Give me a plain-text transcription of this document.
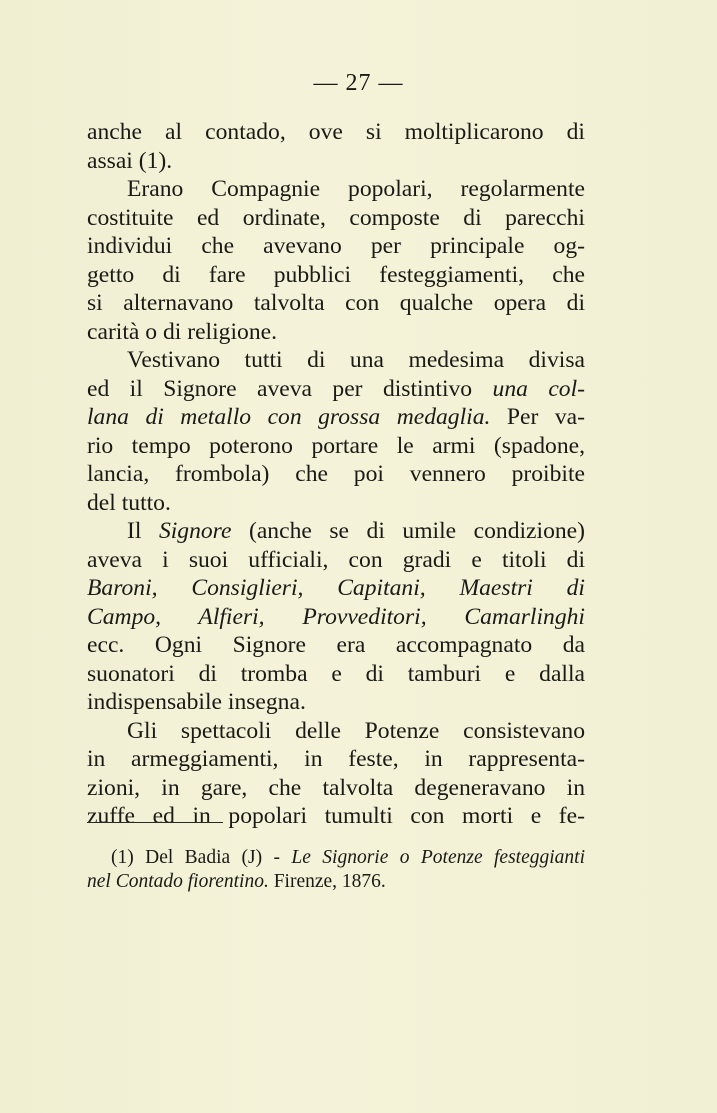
— 27 —
anche al contado, ove si moltiplicarono di
assai (1).
Erano Compagnie popolari, regolarmente
costituite ed ordinate, composte di parecchi
individui che avevano per principale og-
getto di fare pubblici festeggiamenti, che
si alternavano talvolta con qualche opera di
carità o di religione.
Vestivano tutti di una medesima divisa
ed il Signore aveva per distintivo una col-
lana di metallo con grossa medaglia. Per va-
rio tempo poterono portare le armi (spadone,
lancia, frombola) che poi vennero proibite
del tutto.
Il Signore (anche se di umile condizione)
aveva i suoi ufficiali, con gradi e titoli di
Baroni, Consiglieri, Capitani, Maestri di
Campo, Alfieri, Provveditori, Camarlinghi
ecc. Ogni Signore era accompagnato da
suonatori di tromba e di tamburi e dalla
indispensabile insegna.
Gli spettacoli delle Potenze consistevano
in armeggiamenti, in feste, in rappresenta-
zioni, in gare, che talvolta degeneravano in
zuffe ed in popolari tumulti con morti e fe-
(1) Del Badia (J) - Le Signorie o Potenze festeggianti
nel Contado fiorentino. Firenze, 1876.
